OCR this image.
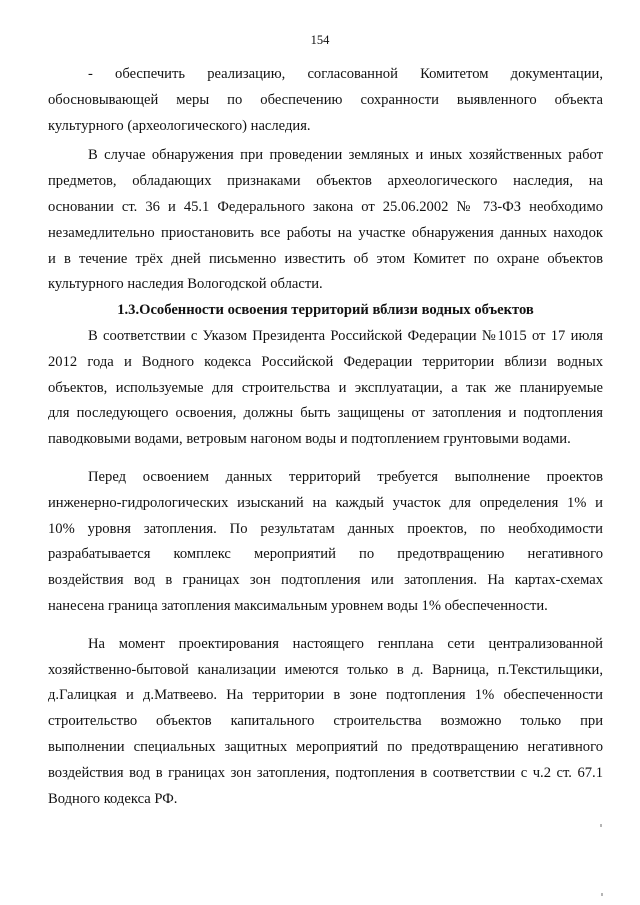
154
- обеспечить реализацию, согласованной Комитетом документации,
обосновывающей меры по обеспечению сохранности выявленного объекта
культурного (археологического) наследия.
В случае обнаружения при проведении земляных и иных хозяйственных работ
предметов, обладающих признаками объектов археологического наследия, на
основании ст. 36 и 45.1 Федерального закона от 25.06.2002 № 73-ФЗ необходимо
незамедлительно приостановить все работы на участке обнаружения данных находок
и в течение трёх дней письменно известить об этом Комитет по охране объектов
культурного наследия Вологодской области.
1.3.Особенности освоения территорий вблизи водных объектов
В соответствии с Указом Президента Российской Федерации №1015 от 17 июля
2012 года и Водного кодекса Российской Федерации территории вблизи водных
объектов, используемые для строительства и эксплуатации, а так же планируемые
для последующего освоения, должны быть защищены от затопления и подтопления
паводковыми водами, ветровым нагоном воды и подтоплением грунтовыми водами.
Перед освоением данных территорий требуется выполнение проектов
инженерно-гидрологических изысканий на каждый участок для определения 1% и
10% уровня затопления. По результатам данных проектов, по необходимости
разрабатывается комплекс мероприятий по предотвращению негативного
воздействия вод в границах зон подтопления или затопления. На картах-схемах
нанесена граница затопления максимальным уровнем воды 1% обеспеченности.
На момент проектирования настоящего генплана сети централизованной
хозяйственно-бытовой канализации имеются только в д. Варница, п.Текстильщики,
д.Галицкая и д.Матвеево. На территории в зоне подтопления 1% обеспеченности
строительство объектов капитального строительства возможно только при
выполнении специальных защитных мероприятий по предотвращению негативного
воздействия вод в границах зон затопления, подтопления в соответствии с ч.2 ст. 67.1
Водного кодекса РФ.
